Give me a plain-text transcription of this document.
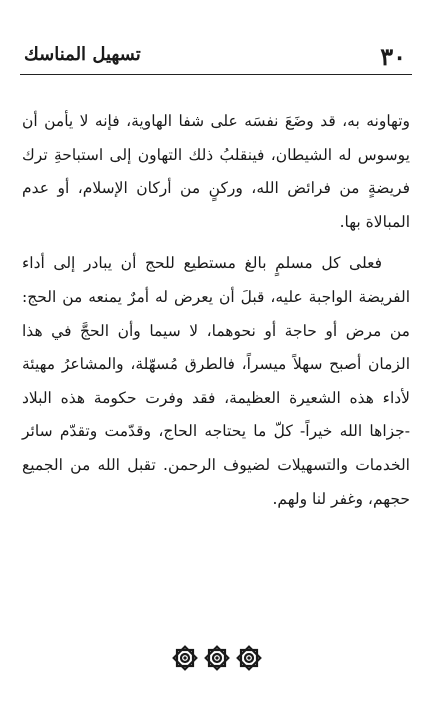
٣٠
تسهيل المناسك

وتهاونه به، قد وضَعَ نفسَه على شفا الهاوية، فإنه لا يأمن أن يوسوس له الشيطان، فينقلبُ ذلك التهاون إلى استباحةِ ترك فريضةٍ من فرائض الله، وركنٍ من أركان الإسلام، أو عدم المبالاة بها.

فعلى كل مسلمٍ بالغ مستطيع للحج أن يبادر إلى أداء الفريضة الواجبة عليه، قبلَ أن يعرض له أمرٌ يمنعه من الحج: من مرض أو حاجة أو نحوهما، لا سيما وأن الحجَّ في هذا الزمان أصبح سهلاً ميسراً، فالطرق مُسهّلة، والمشاعرُ مهيئة لأداء هذه الشعيرة العظيمة، فقد وفرت حكومة هذه البلاد -جزاها الله خيراً- كلّ ما يحتاجه الحاج، وقدّمت وتقدّم سائر الخدمات والتسهيلات لضيوف الرحمن. تقبل الله من الجميع حجهم، وغفر لنا ولهم.
